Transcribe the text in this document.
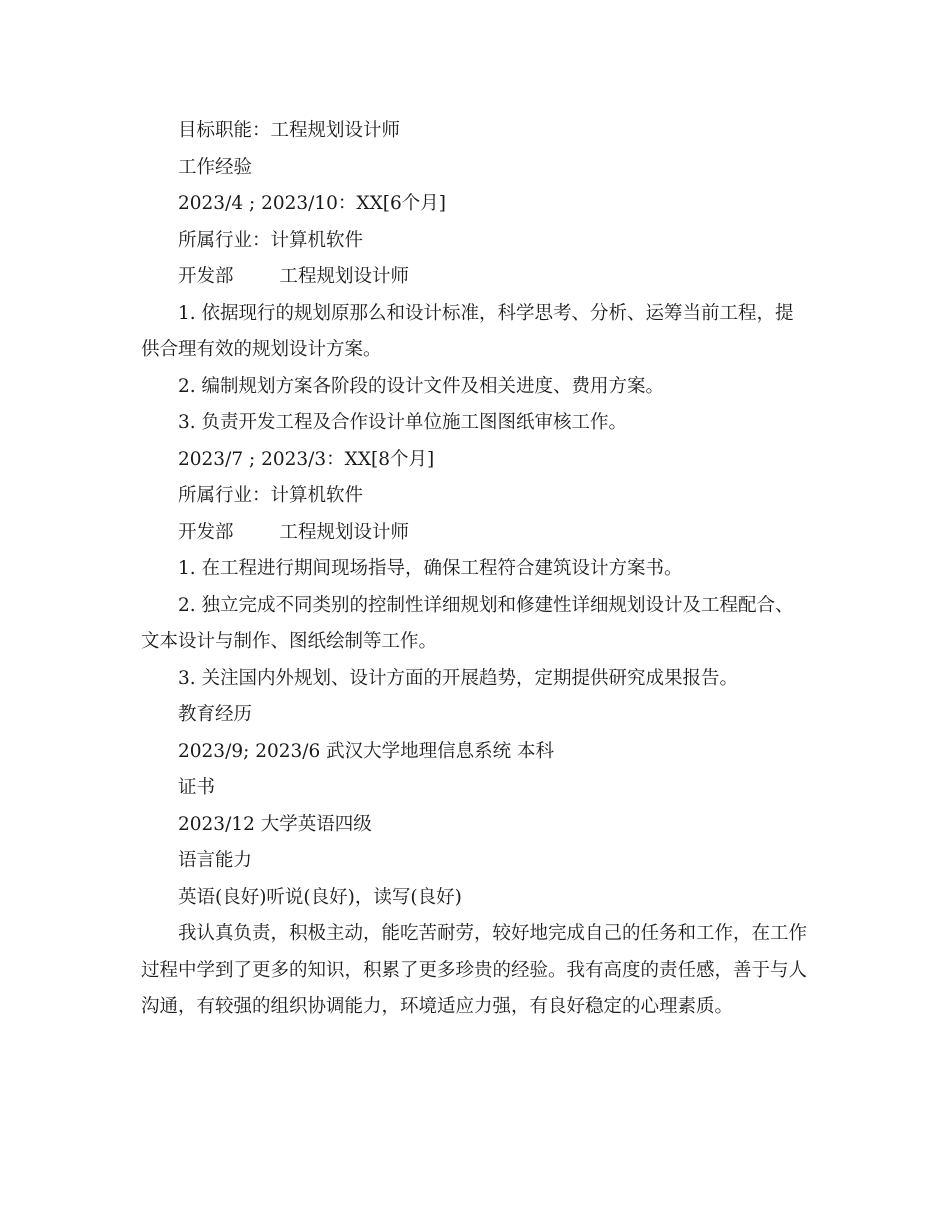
目标职能：工程规划设计师

工作经验

2023/4 ; 2023/10：XX[6个月]

所属行业：计算机软件

开发部 工程规划设计师

1. 依据现行的规划原那么和设计标准，科学思考、分析、运筹当前工程，提

供合理有效的规划设计方案。

2. 编制规划方案各阶段的设计文件及相关进度、费用方案。

3. 负责开发工程及合作设计单位施工图图纸审核工作。

2023/7 ; 2023/3：XX[8个月]

所属行业：计算机软件

开发部 工程规划设计师

1. 在工程进行期间现场指导，确保工程符合建筑设计方案书。

2. 独立完成不同类别的控制性详细规划和修建性详细规划设计及工程配合、

文本设计与制作、图纸绘制等工作。

3. 关注国内外规划、设计方面的开展趋势，定期提供研究成果报告。

教育经历

2023/9; 2023/6 武汉大学地理信息系统 本科

证书

2023/12 大学英语四级

语言能力

英语(良好)听说(良好)，读写(良好)

我认真负责，积极主动，能吃苦耐劳，较好地完成自己的任务和工作，在工作

过程中学到了更多的知识，积累了更多珍贵的经验。我有高度的责任感，善于与人

沟通，有较强的组织协调能力，环境适应力强，有良好稳定的心理素质。
